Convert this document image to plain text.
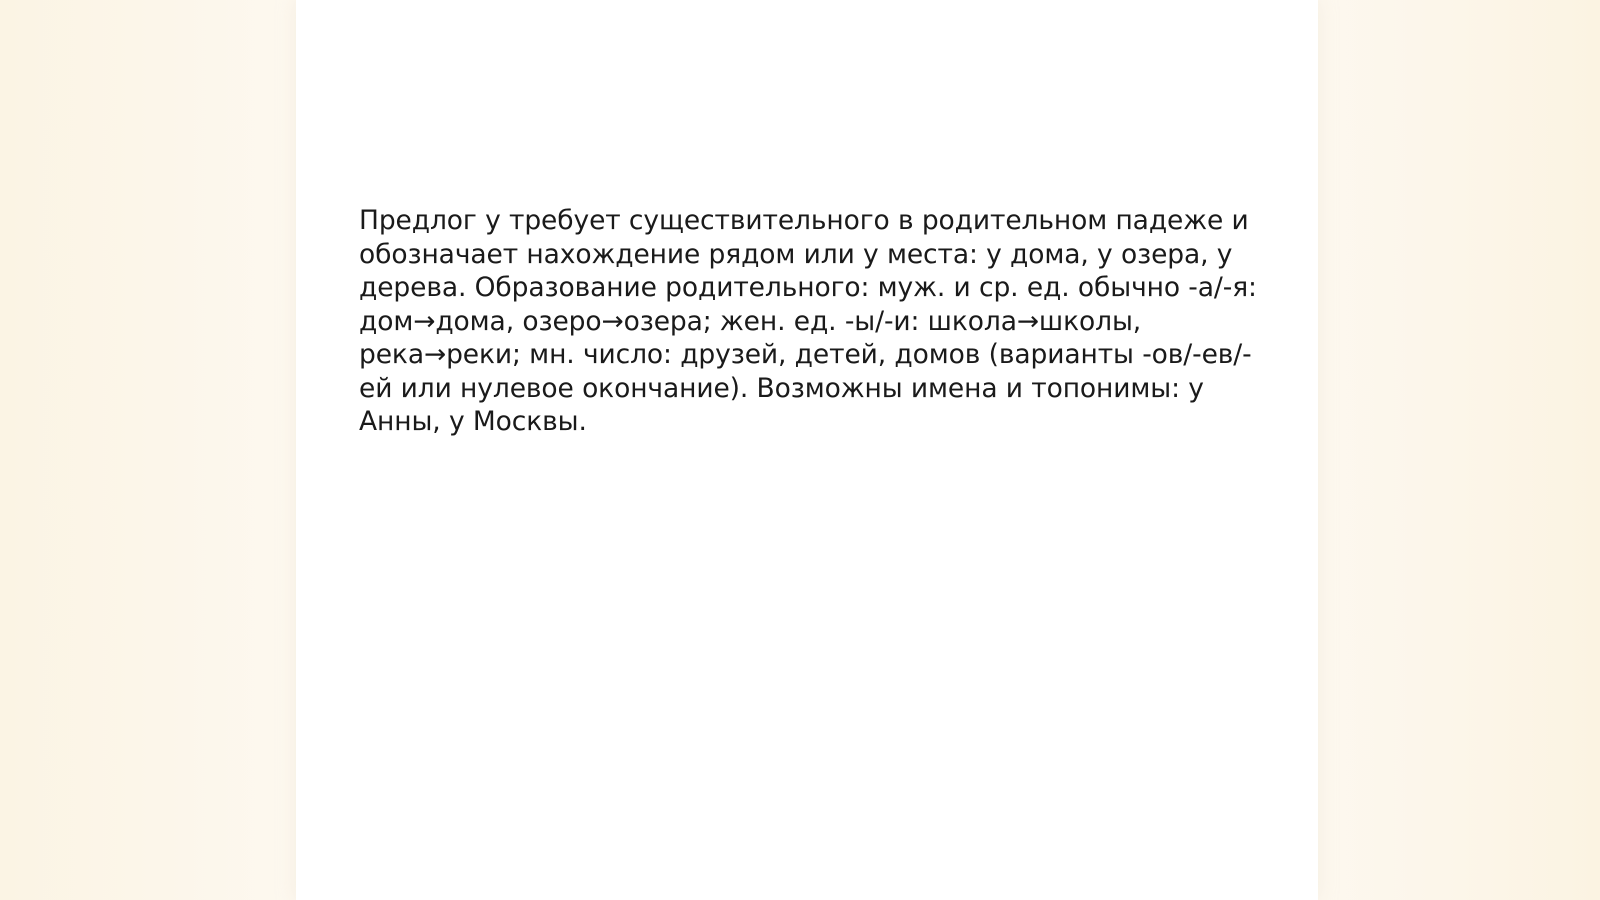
Предлог у требует существительного в родительном падеже и
обозначает нахождение рядом или у места: у дома, у озера, у
дерева. Образование родительного: муж. и ср. ед. обычно -а/-я:
дом→дома, озеро→озера; жен. ед. -ы/-и: школа→школы,
река→реки; мн. число: друзей, детей, домов (варианты -ов/-ев/-
ей или нулевое окончание). Возможны имена и топонимы: у
Анны, у Москвы.
